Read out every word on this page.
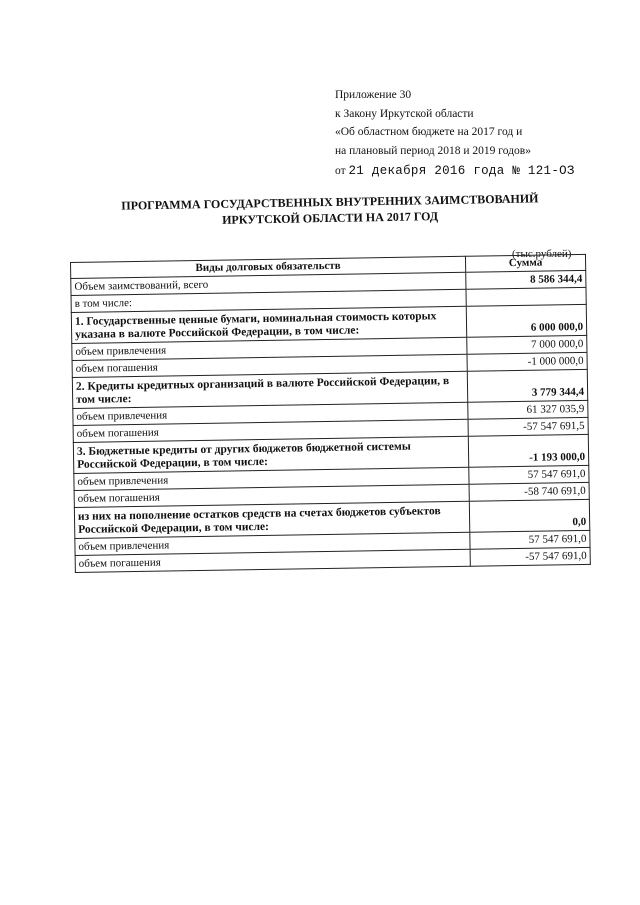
Приложение 30
к Закону Иркутской области
«Об областном бюджете на 2017 год и
на плановый период 2018 и 2019 годов»
от 21 декабря 2016 года № 121-ОЗ
ПРОГРАММА ГОСУДАРСТВЕННЫХ ВНУТРЕННИХ ЗАИМСТВОВАНИЙ
ИРКУТСКОЙ ОБЛАСТИ НА 2017 ГОД
(тыс.рублей)
Виды долговых обязательств	Сумма
Объем заимствований, всего	8 586 344,4
в том числе:	
1. Государственные ценные бумаги, номинальная стоимость которых указана в валюте Российской Федерации, в том числе:	6 000 000,0
объем привлечения	7 000 000,0
объем погашения	-1 000 000,0
2. Кредиты кредитных организаций в валюте Российской Федерации, в том числе:	3 779 344,4
объем привлечения	61 327 035,9
объем погашения	-57 547 691,5
3. Бюджетные кредиты от других бюджетов бюджетной системы Российской Федерации, в том числе:	-1 193 000,0
объем привлечения	57 547 691,0
объем погашения	-58 740 691,0
из них на пополнение остатков средств на счетах бюджетов субъектов Российской Федерации, в том числе:	0,0
объем привлечения	57 547 691,0
объем погашения	-57 547 691,0
